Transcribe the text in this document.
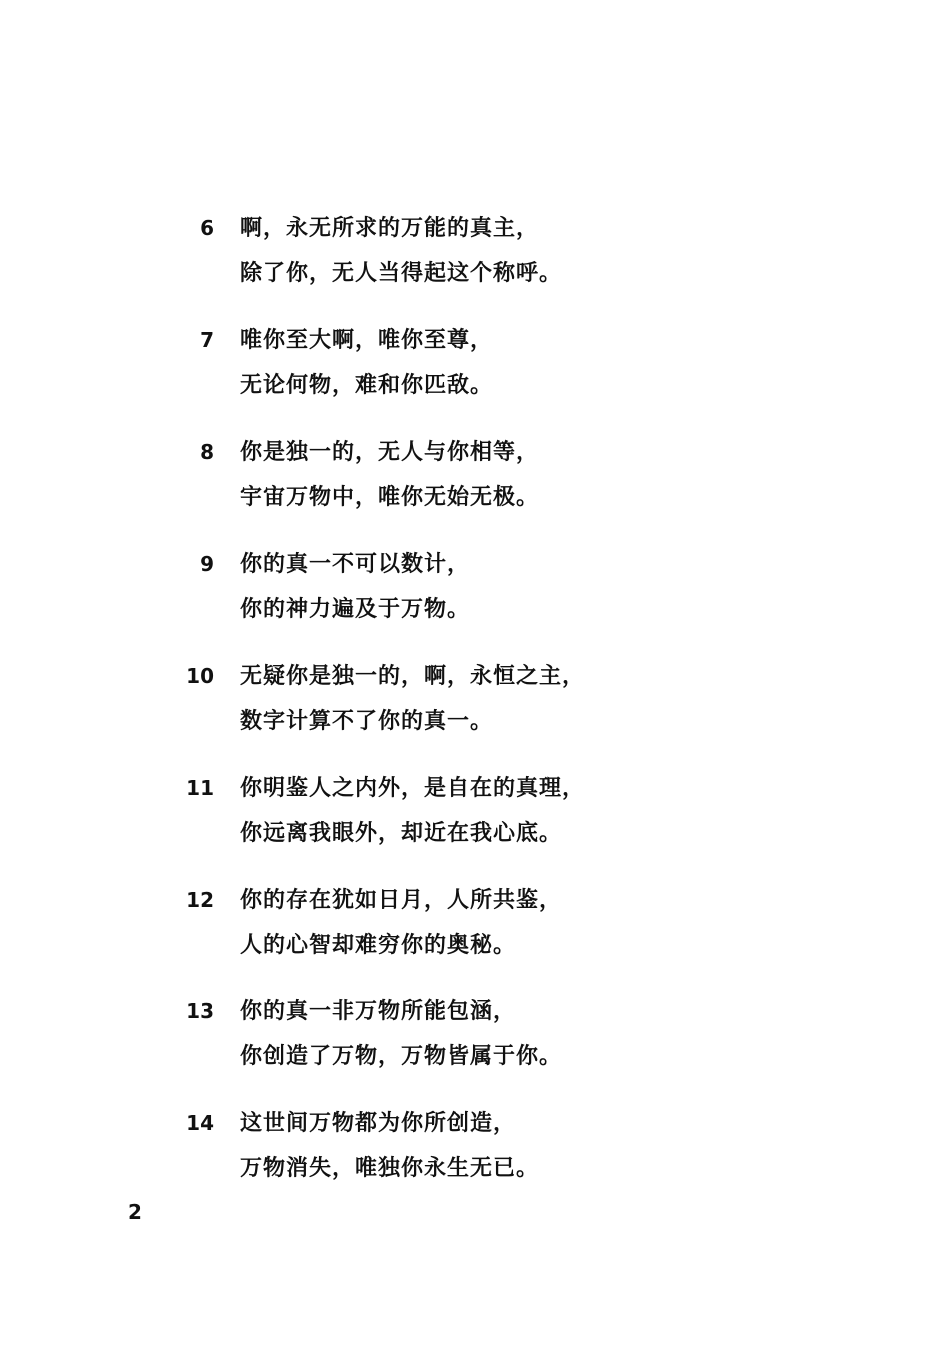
6 啊，永无所求的万能的真主，
除了你，无人当得起这个称呼。
7 唯你至大啊，唯你至尊，
无论何物，难和你匹敌。
8 你是独一的，无人与你相等，
宇宙万物中，唯你无始无极。
9 你的真一不可以数计，
你的神力遍及于万物。
10 无疑你是独一的，啊，永恒之主，
数字计算不了你的真一。
11 你明鉴人之内外，是自在的真理，
你远离我眼外，却近在我心底。
12 你的存在犹如日月，人所共鉴，
人的心智却难穷你的奥秘。
13 你的真一非万物所能包涵，
你创造了万物，万物皆属于你。
14 这世间万物都为你所创造，
万物消失，唯独你永生无已。
2
